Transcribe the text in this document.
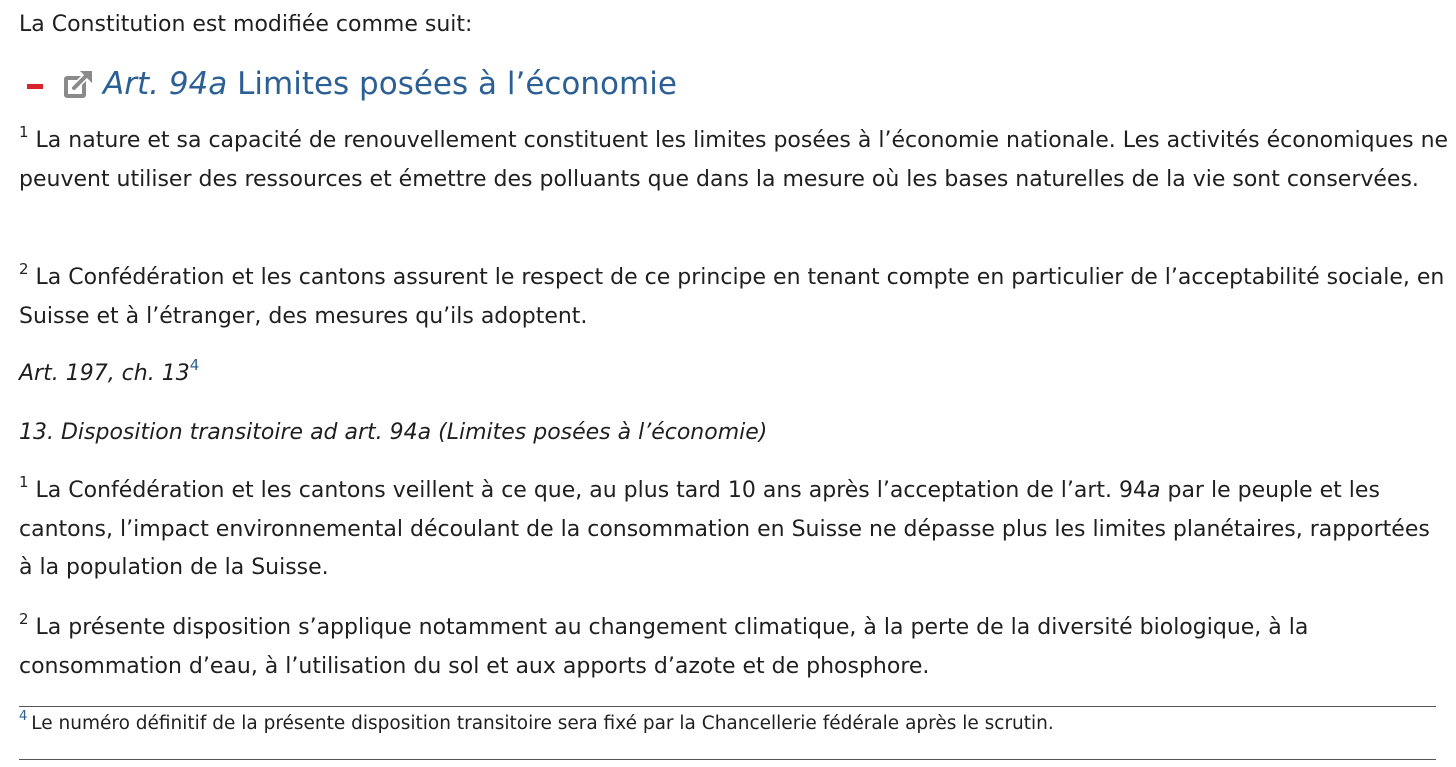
La Constitution est modifiée comme suit:
Art. 94a Limites posées à l’économie
$^1$ La nature et sa capacité de renouvellement constituent les limites posées à l’économie nationale. Les activités économiques ne peuvent utiliser des ressources et émettre des polluants que dans la mesure où les bases naturelles de la vie sont conservées.
$^2$ La Confédération et les cantons assurent le respect de ce principe en tenant compte en particulier de l’acceptabilité sociale, en Suisse et à l’étranger, des mesures qu’ils adoptent.
Art. 197, ch. 13$^4$
13. Disposition transitoire ad art. 94a (Limites posées à l’économie)
$^1$ La Confédération et les cantons veillent à ce que, au plus tard 10 ans après l’acceptation de l’art. 94a par le peuple et les cantons, l’impact environnemental découlant de la consommation en Suisse ne dépasse plus les limites planétaires, rapportées à la population de la Suisse.
$^2$ La présente disposition s’applique notamment au changement climatique, à la perte de la diversité biologique, à la consommation d’eau, à l’utilisation du sol et aux apports d’azote et de phosphore.
$^4$ Le numéro définitif de la présente disposition transitoire sera fixé par la Chancellerie fédérale après le scrutin.
